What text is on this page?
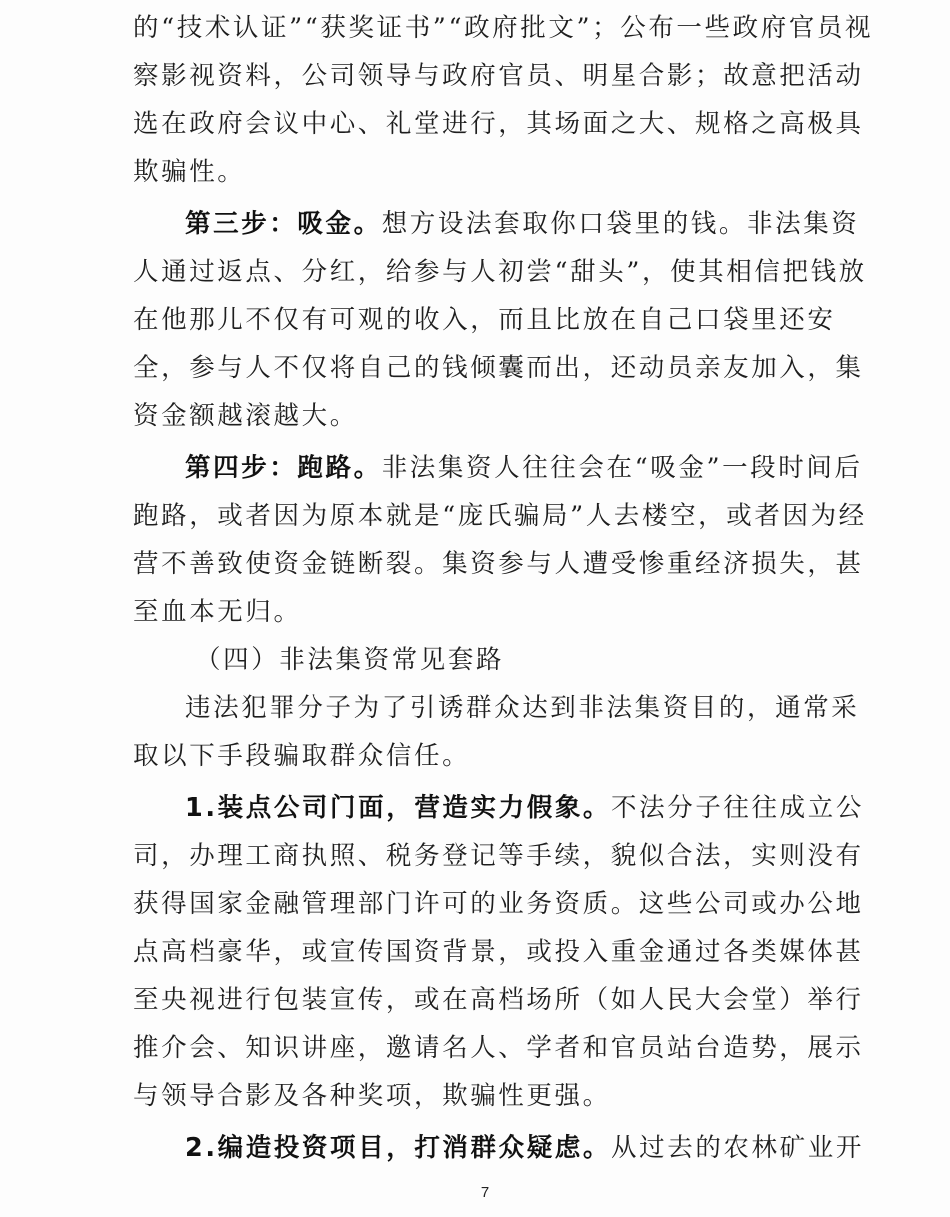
的“技术认证”“获奖证书”“政府批文”；公布一些政府官员视
察影视资料，公司领导与政府官员、明星合影；故意把活动
选在政府会议中心、礼堂进行，其场面之大、规格之高极具
欺骗性。
第三步：吸金。想方设法套取你口袋里的钱。非法集资
人通过返点、分红，给参与人初尝“甜头”，使其相信把钱放
在他那儿不仅有可观的收入，而且比放在自己口袋里还安
全，参与人不仅将自己的钱倾囊而出，还动员亲友加入，集
资金额越滚越大。
第四步：跑路。非法集资人往往会在“吸金”一段时间后
跑路，或者因为原本就是“庞氏骗局”人去楼空，或者因为经
营不善致使资金链断裂。集资参与人遭受惨重经济损失，甚
至血本无归。
（四）非法集资常见套路
违法犯罪分子为了引诱群众达到非法集资目的，通常采
取以下手段骗取群众信任。
1.装点公司门面，营造实力假象。不法分子往往成立公
司，办理工商执照、税务登记等手续，貌似合法，实则没有
获得国家金融管理部门许可的业务资质。这些公司或办公地
点高档豪华，或宣传国资背景，或投入重金通过各类媒体甚
至央视进行包装宣传，或在高档场所（如人民大会堂）举行
推介会、知识讲座，邀请名人、学者和官员站台造势，展示
与领导合影及各种奖项，欺骗性更强。
2.编造投资项目，打消群众疑虑。从过去的农林矿业开
7
